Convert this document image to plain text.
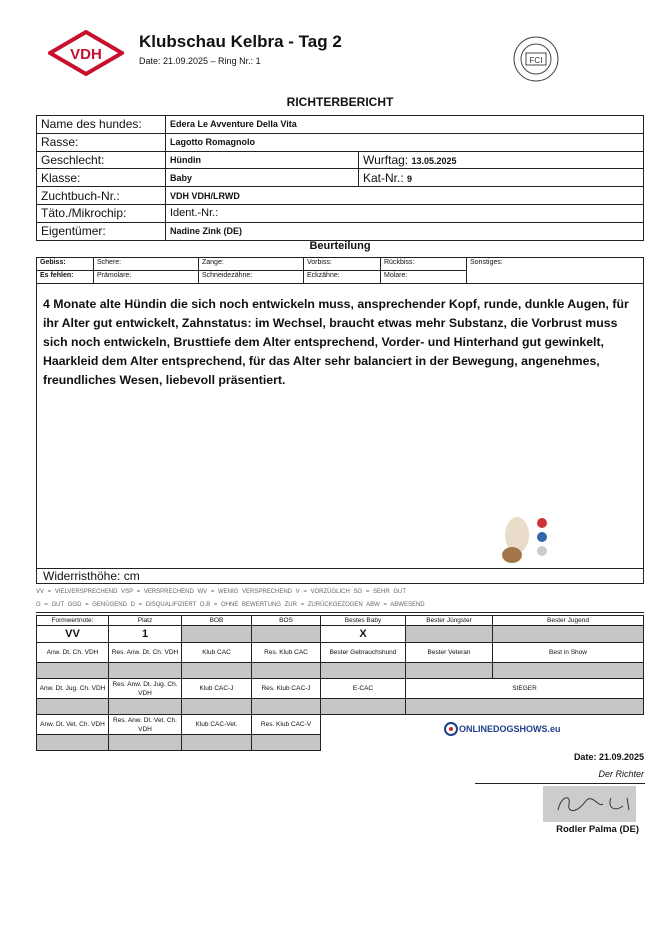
VDH
Klubschau Kelbra - Tag 2
Date: 21.09.2025 – Ring Nr.: 1	FCI
RICHTERBERICHT
Name des hundes:	Edera Le Avventure Della Vita	
Rasse:	Lagotto Romagnolo	
Geschlecht:	Hündin	Wurftag: 13.05.2025
Klasse:	Baby	Kat-Nr.: 9
Zuchtbuch-Nr.:	VDH VDH/LRWD	
Täto./Mikrochip:	Ident.-Nr.:	
Eigentümer:	Nadine Zink (DE)	
Beurteilung
Gebiss:	Schere:	Zange:	Vorbiss:	Rückbiss:	Sonstiges:
Es fehlen:	Prämolare:	Schneidezähne:	Eckzähne:	Molare:	
4 Monate alte Hündin die sich noch entwickeln muss, ansprechender Kopf, runde, dunkle Augen, für ihr Alter gut entwickelt, Zahnstatus: im Wechsel, braucht etwas mehr Substanz, die Vorbrust muss sich noch entwickeln, Brusttiefe dem Alter entsprechend, Vorder- und Hinterhand gut gewinkelt, Haarkleid dem Alter entsprechend, für das Alter sehr balanciert in der Bewegung, angenehmes, freundliches Wesen, liebevoll präsentiert.
Widerristhöhe: cm
VV = VIELVERSPRECHEND VSP = VERSPRECHEND WV = WENIG VERSPRECHEND V = VORZÜGLICH SG = SEHR GUT
G = GUT GGD = GENÜGEND D = DISQUALIFIZIERT O.B = OHNE BEWERTUNG ZUR = ZURÜCKGEZOGEN ABW = ABWESEND
Formwertnote:	Platz	BOB	BOS	Bestes Baby	Bester Jüngster	Bester Jugend
VV	1			X		
Anw. Dt. Ch. VDH	Res. Anw. Dt. Ch. VDH	Klub CAC	Res. Klub CAC	Bester Gebrauchshund	Bester Veteran	Best in Show

Anw. Dt. Jug. Ch. VDH	Res. Anw. Dt. Jug. Ch. VDH	Klub CAC-J	Res. Klub CAC-J	E-CAC	SIEGER	

Anw. Dt. Vet. Ch. VDH	Res. Anw. Dt. Vet. Ch. VDH	Klub CAC-Vet.	Res. Klub CAC-V			
				ONLINEDOGSHOWS.eu
Date: 21.09.2025
Der Richter
Rodler Palma (DE)
